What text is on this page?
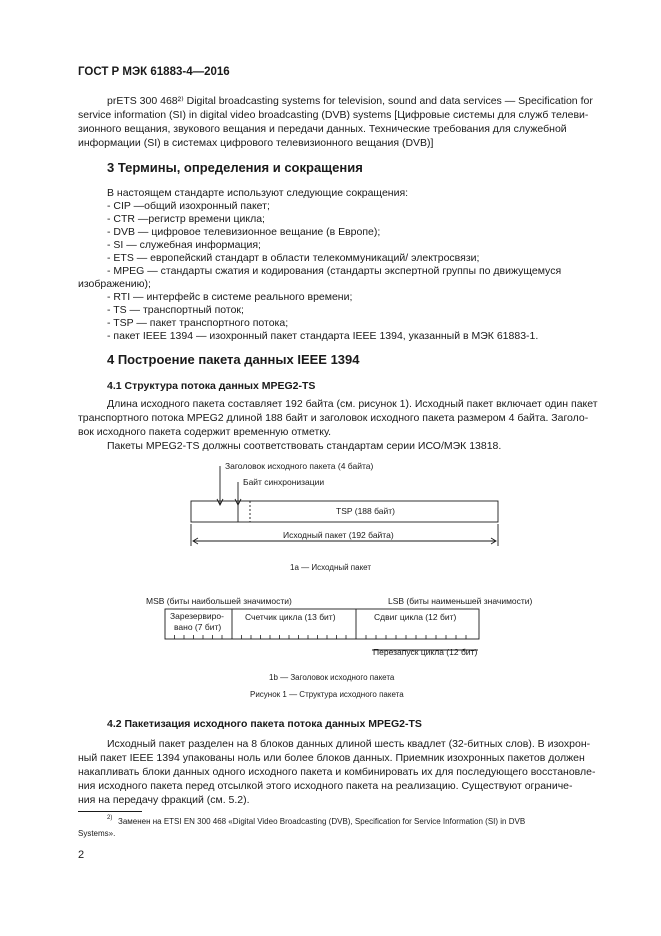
ГОСТ Р МЭК 61883-4—2016
prETS 300 468²⁾ Digital broadcasting systems for television, sound and data services — Specification for
service information (SI) in digital video broadcasting (DVB) systems [Цифровые системы для служб телеви-
зионного вещания, звукового вещания и передачи данных. Технические требования для служебной
информации (SI) в системах цифрового телевизионного вещания (DVB)]
3 Термины, определения и сокращения
В настоящем стандарте используют следующие сокращения:
- CIP —общий изохронный пакет;
- CTR —регистр времени цикла;
- DVB — цифровое телевизионное вещание (в Европе);
- SI — служебная информация;
- ETS — европейский стандарт в области телекоммуникаций/ электросвязи;
- MPEG — стандарты сжатия и кодирования (стандарты экспертной группы по движущемуся
изображению);
- RTI — интерфейс в системе реального времени;
- TS — транспортный поток;
- TSP — пакет транспортного потока;
- пакет IEEE 1394 — изохронный пакет стандарта IEEE 1394, указанный в МЭК 61883-1.
4 Построение пакета данных IEEE 1394
4.1 Структура потока данных MPEG2-TS
Длина исходного пакета составляет 192 байта (см. рисунок 1). Исходный пакет включает один пакет
транспортного потока MPEG2 длиной 188 байт и заголовок исходного пакета размером 4 байта. Заголо-
вок исходного пакета содержит временную отметку.
Пакеты MPEG2-TS должны соответствовать стандартам серии ИСО/МЭК 13818.
Заголовок исходного пакета (4 байта)
Байт синхронизации
TSP (188 байт)
Исходный пакет (192 байта)
1а — Исходный пакет
MSB (биты наибольшей значимости)	LSB (биты наименьшей значимости)
Зарезервиро-
вано (7 бит)
Счетчик цикла (13 бит)	Сдвиг цикла (12 бит)
Перезапуск цикла (12 бит)
1b — Заголовок исходного пакета
Рисунок 1 — Структура исходного пакета
4.2 Пакетизация исходного пакета потока данных MPEG2-TS
Исходный пакет разделен на 8 блоков данных длиной шесть квадлет (32-битных слов). В изохрон-
ный пакет IEEE 1394 упакованы ноль или более блоков данных. Приемник изохронных пакетов должен
накапливать блоки данных одного исходного пакета и комбинировать их для последующего восстановле-
ния исходного пакета перед отсылкой этого исходного пакета на реализацию. Существуют ограниче-
ния на передачу фракций (см. 5.2).
2) Заменен на ETSI EN 300 468 «Digital Video Broadcasting (DVB), Specification for Service Information (SI) in DVB
Systems».
2
